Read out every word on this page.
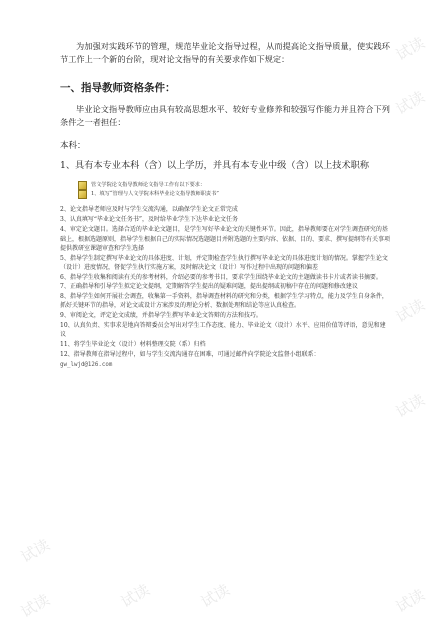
试读
试读
试读
试读
试读
试读
试读
试读
试读

为加强对实践环节的管理，规范毕业论文指导过程，从而提高论文指导质量，使实践环节工作上一个新的台阶，现对论文指导的有关要求作如下规定：

一、指导教师资格条件：

毕业论文指导教师应由具有较高思想水平、较好专业修养和较强写作能力并且符合下列条件之一者担任：

本科：
1、具有本专业本科（含）以上学历，并具有本专业中级（含）以上技术职称
管文学院论文指导教师论文指导工作有以下要求：
1、填写“管理与人文学院本科毕业论文指导教师职责书”

2、论文指导老师应及时与学生交流沟通，以确保学生论文正常完成

3、认真填写“毕业论文任务书”，及时给毕业学生下达毕业论文任务

4、审定论文题目。选择合适的毕业论文题目，是学生写好毕业论文的关键性环节。因此，指导教师要在对学生调查研究的基础上，根据选题原则，指导学生根据自己的实际情况选题题目并附选题的主要内容、依据、目的、要求、撰写提纲等有关事项提供教研室课题审查和学生选择

5、指导学生制定撰写毕业论文的具体进度、计划，并定期检查学生执行撰写毕业论文的具体进度计划的情况。掌握学生论文（设计）进度情况，督促学生执行实施方案，及时解决论文（设计）写作过程中出现的问题和偏差

6、指导学生收集和阅读有关的参考材料，介绍必要的参考书目，要求学生围绕毕业论文的主题做读书卡片或者读书摘要。

7、正确指导和引导学生拟定论文提纲，定期解答学生提出的疑难问题，提出提纲或初稿中存在的问题和修改建议

8、指导学生如何开展社会调查，收集第一手资料，指导调查材料的研究和分类，根据学生学习特点，能力及学生自身条件，抓好关键环节的指导，对论文或设计方案涉及的理论分析、数据处理和结论等应认真检查。

9、审阅论文，评定论文成绩，并指导学生撰写毕业论文答辩的方法和技巧。

10、认真负责、实事求是地向答辩委员会写出对学生工作态度、能力、毕业论文（设计）水平、应用价值等评语，意见和建议

11、将学生毕业论文（设计）材料整理交院（系）归档

12、指导教师在指导过程中，如与学生交流沟通存在困难，可通过邮件向学院论文监督小组联系：

gw_lwjd@126.com
